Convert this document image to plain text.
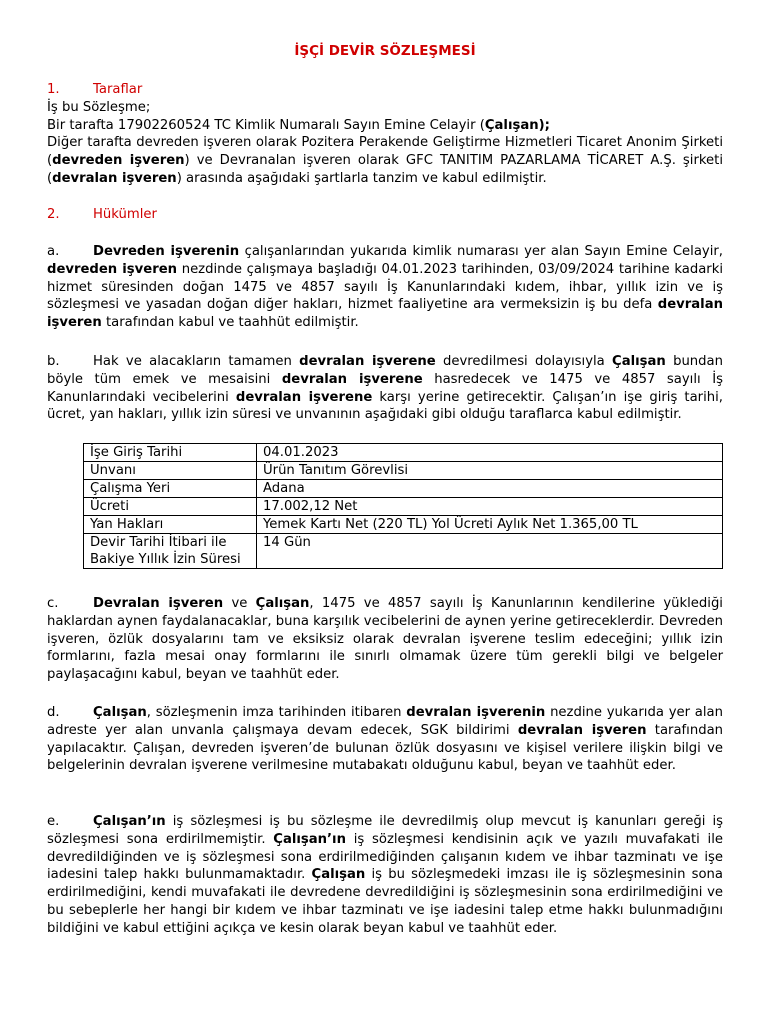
İŞÇİ DEVİR SÖZLEŞMESİ
1.	Taraflar
İş bu Sözleşme;
Bir tarafta 17902260524 TC Kimlik Numaralı Sayın Emine Celayir (Çalışan);
Diğer tarafta devreden işveren olarak Pozitera Perakende Geliştirme Hizmetleri Ticaret Anonim Şirketi (devreden işveren) ve Devranalan işveren olarak GFC TANITIM PAZARLAMA TİCARET A.Ş. şirketi (devralan işveren) arasında aşağıdaki şartlarla tanzim ve kabul edilmiştir.
2.	Hükümler
a.	Devreden işverenin çalışanlarından yukarıda kimlik numarası yer alan Sayın Emine Celayir, devreden işveren nezdinde çalışmaya başladığı 04.01.2023 tarihinden, 03/09/2024 tarihine kadarki hizmet süresinden doğan 1475 ve 4857 sayılı İş Kanunlarındaki kıdem, ihbar, yıllık izin ve iş sözleşmesi ve yasadan doğan diğer hakları, hizmet faaliyetine ara vermeksizin iş bu defa devralan işveren tarafından kabul ve taahhüt edilmiştir.
b.	Hak ve alacakların tamamen devralan işverene devredilmesi dolayısıyla Çalışan bundan böyle tüm emek ve mesaisini devralan işverene hasredecek ve 1475 ve 4857 sayılı İş Kanunlarındaki vecibelerini devralan işverene karşı yerine getirecektir. Çalışan’ın işe giriş tarihi, ücret, yan hakları, yıllık izin süresi ve unvanının aşağıdaki gibi olduğu taraflarca kabul edilmiştir.
İşe Giriş Tarihi	04.01.2023
Unvanı	Ürün Tanıtım Görevlisi
Çalışma Yeri	Adana
Ücreti	17.002,12 Net
Yan Hakları	Yemek Kartı Net (220 TL) Yol Ücreti Aylık Net 1.365,00 TL

Devir Tarihi İtibari ile
Bakiye Yıllık İzin Süresi	14 Gün
c.	Devralan işveren ve Çalışan, 1475 ve 4857 sayılı İş Kanunlarının kendilerine yüklediği haklardan aynen faydalanacaklar, buna karşılık vecibelerini de aynen yerine getireceklerdir. Devreden işveren, özlük dosyalarını tam ve eksiksiz olarak devralan işverene teslim edeceğini; yıllık izin formlarını, fazla mesai onay formlarını ile sınırlı olmamak üzere tüm gerekli bilgi ve belgeler paylaşacağını kabul, beyan ve taahhüt eder.
d.	Çalışan, sözleşmenin imza tarihinden itibaren devralan işverenin nezdine yukarıda yer alan adreste yer alan unvanla çalışmaya devam edecek, SGK bildirimi devralan işveren tarafından yapılacaktır. Çalışan, devreden işveren’de bulunan özlük dosyasını ve kişisel verilere ilişkin bilgi ve belgelerinin devralan işverene verilmesine mutabakatı olduğunu kabul, beyan ve taahhüt eder.
e.	Çalışan’ın iş sözleşmesi iş bu sözleşme ile devredilmiş olup mevcut iş kanunları gereği iş sözleşmesi sona erdirilmemiştir. Çalışan’ın iş sözleşmesi kendisinin açık ve yazılı muvafakati ile devredildiğinden ve iş sözleşmesi sona erdirilmediğinden çalışanın kıdem ve ihbar tazminatı ve işe iadesini talep hakkı bulunmamaktadır. Çalışan iş bu sözleşmedeki imzası ile iş sözleşmesinin sona erdirilmediğini, kendi muvafakati ile devredene devredildiğini iş sözleşmesinin sona erdirilmediğini ve bu sebeplerle her hangi bir kıdem ve ihbar tazminatı ve işe iadesini talep etme hakkı bulunmadığını bildiğini ve kabul ettiğini açıkça ve kesin olarak beyan kabul ve taahhüt eder.
